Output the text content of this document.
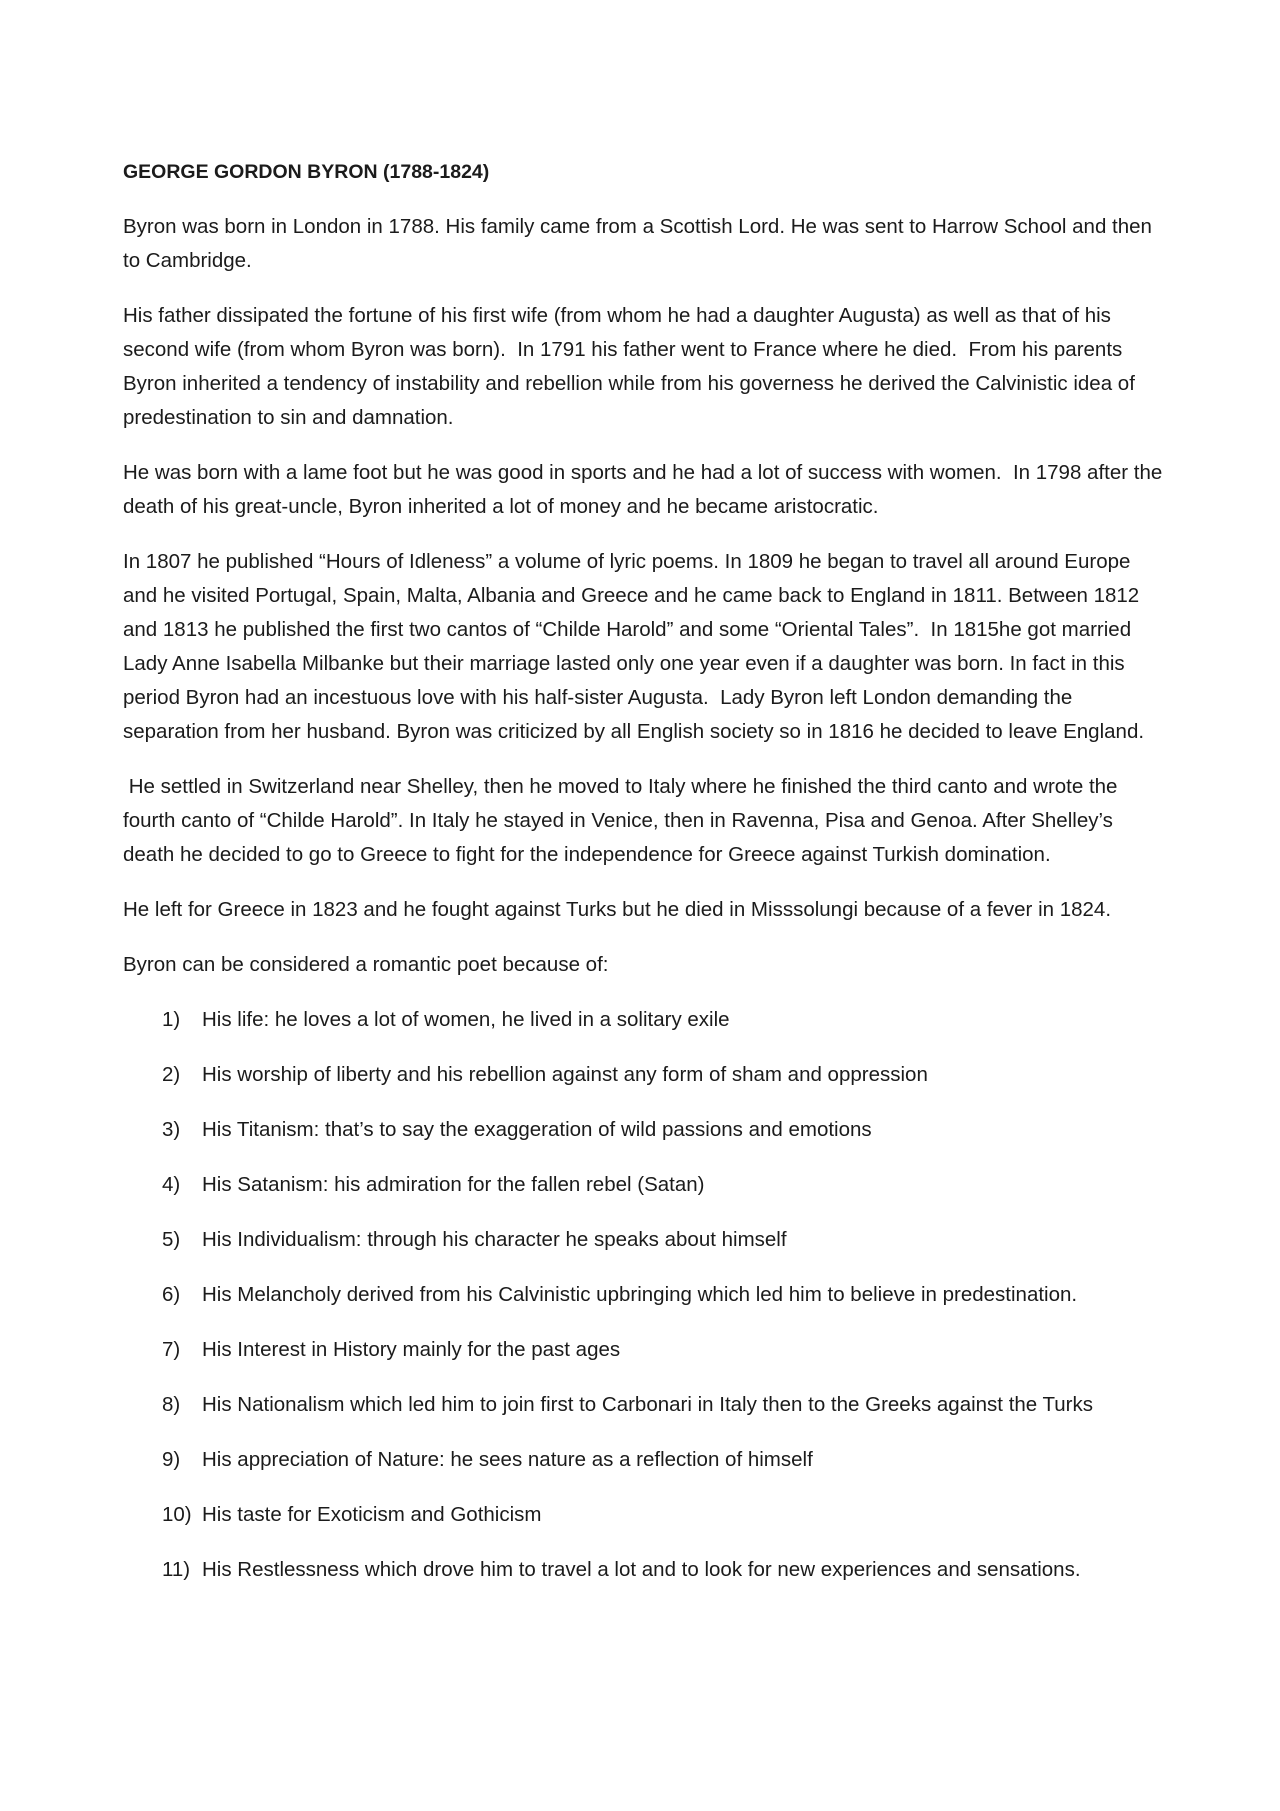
GEORGE GORDON BYRON (1788-1824)

Byron was born in London in 1788. His family came from a Scottish Lord. He was sent to Harrow School and then to Cambridge.

His father dissipated the fortune of his first wife (from whom he had a daughter Augusta) as well as that of his second wife (from whom Byron was born).  In 1791 his father went to France where he died.  From his parents Byron inherited a tendency of instability and rebellion while from his governess he derived the Calvinistic idea of predestination to sin and damnation.

He was born with a lame foot but he was good in sports and he had a lot of success with women.  In 1798 after the death of his great-uncle, Byron inherited a lot of money and he became aristocratic.

In 1807 he published “Hours of Idleness” a volume of lyric poems. In 1809 he began to travel all around Europe and he visited Portugal, Spain, Malta, Albania and Greece and he came back to England in 1811. Between 1812 and 1813 he published the first two cantos of “Childe Harold” and some “Oriental Tales”.  In 1815he got married Lady Anne Isabella Milbanke but their marriage lasted only one year even if a daughter was born. In fact in this period Byron had an incestuous love with his half-sister Augusta.  Lady Byron left London demanding the separation from her husband. Byron was criticized by all English society so in 1816 he decided to leave England.

He settled in Switzerland near Shelley, then he moved to Italy where he finished the third canto and wrote the fourth canto of “Childe Harold”. In Italy he stayed in Venice, then in Ravenna, Pisa and Genoa. After Shelley’s death he decided to go to Greece to fight for the independence for Greece against Turkish domination.

He left for Greece in 1823 and he fought against Turks but he died in Misssolungi because of a fever in 1824.

Byron can be considered a romantic poet because of:

1) His life: he loves a lot of women, he lived in a solitary exile
2) His worship of liberty and his rebellion against any form of sham and oppression
3) His Titanism: that’s to say the exaggeration of wild passions and emotions
4) His Satanism: his admiration for the fallen rebel (Satan)
5) His Individualism: through his character he speaks about himself
6) His Melancholy derived from his Calvinistic upbringing which led him to believe in predestination.
7) His Interest in History mainly for the past ages
8) His Nationalism which led him to join first to Carbonari in Italy then to the Greeks against the Turks
9) His appreciation of Nature: he sees nature as a reflection of himself
10) His taste for Exoticism and Gothicism
11) His Restlessness which drove him to travel a lot and to look for new experiences and sensations.
